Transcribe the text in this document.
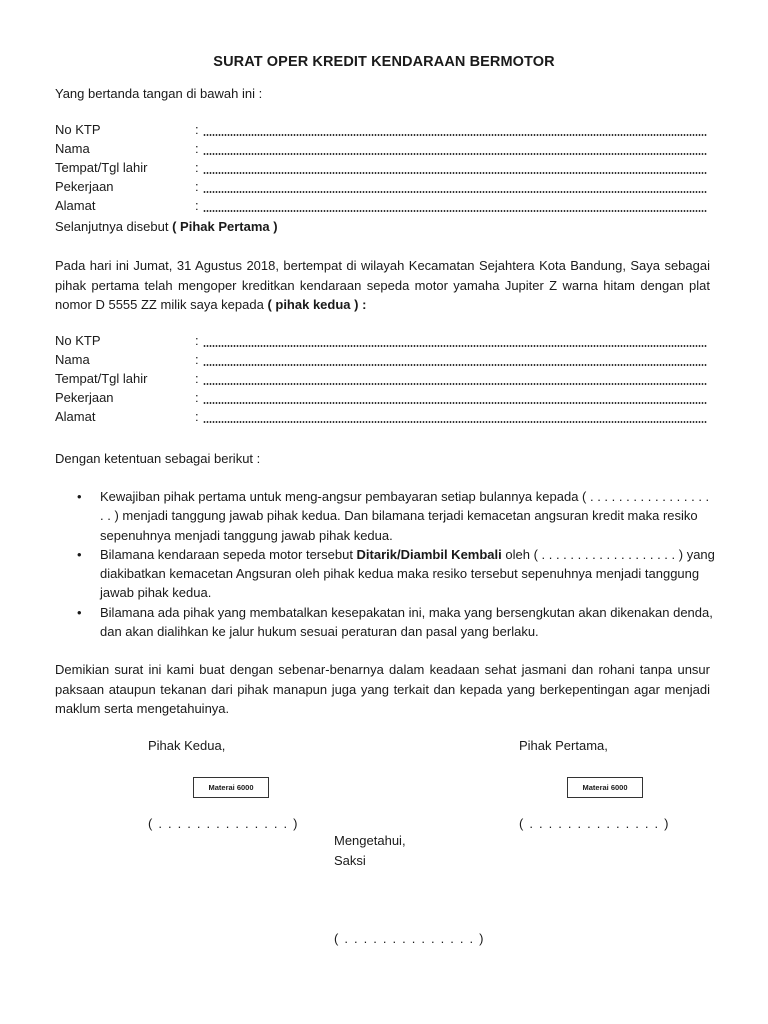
SURAT OPER KREDIT KENDARAAN BERMOTOR
Yang bertanda tangan di bawah ini :
No KTP	:
Nama	:
Tempat/Tgl lahir	:
Pekerjaan	:
Alamat	:
Selanjutnya disebut ( Pihak Pertama )
Pada hari ini Jumat, 31 Agustus 2018, bertempat di wilayah Kecamatan Sejahtera Kota Bandung, Saya sebagai pihak pertama telah mengoper kreditkan kendaraan sepeda motor yamaha Jupiter Z warna hitam dengan plat nomor D 5555 ZZ milik saya kepada ( pihak kedua ) :
No KTP	:
Nama	:
Tempat/Tgl lahir	:
Pekerjaan	:
Alamat	:
Dengan ketentuan sebagai berikut :
• Kewajiban pihak pertama untuk meng-angsur pembayaran setiap bulannya kepada ( . . . . . . . . . . . . . . . . . . . ) menjadi tanggung jawab pihak kedua. Dan bilamana terjadi kemacetan angsuran kredit maka resiko sepenuhnya menjadi tanggung jawab pihak kedua.
• Bilamana kendaraan sepeda motor tersebut Ditarik/Diambil Kembali oleh ( . . . . . . . . . . . . . . . . . . . ) yang diakibatkan kemacetan Angsuran oleh pihak kedua maka resiko tersebut sepenuhnya menjadi tanggung jawab pihak kedua.
• Bilamana ada pihak yang membatalkan kesepakatan ini, maka yang bersengkutan akan dikenakan denda, dan akan dialihkan ke jalur hukum sesuai peraturan dan pasal yang berlaku.
Demikian surat ini kami buat dengan sebenar-benarnya dalam keadaan sehat jasmani dan rohani tanpa unsur paksaan ataupun tekanan dari pihak manapun juga yang terkait dan kepada yang berkepentingan agar menjadi maklum serta mengetahuinya.
Pihak Kedua,
Materai 6000
( . . . . . . . . . . . . . . )
Pihak Pertama,
Materai 6000
( . . . . . . . . . . . . . . )
Mengetahui,
Saksi
( . . . . . . . . . . . . . . )
